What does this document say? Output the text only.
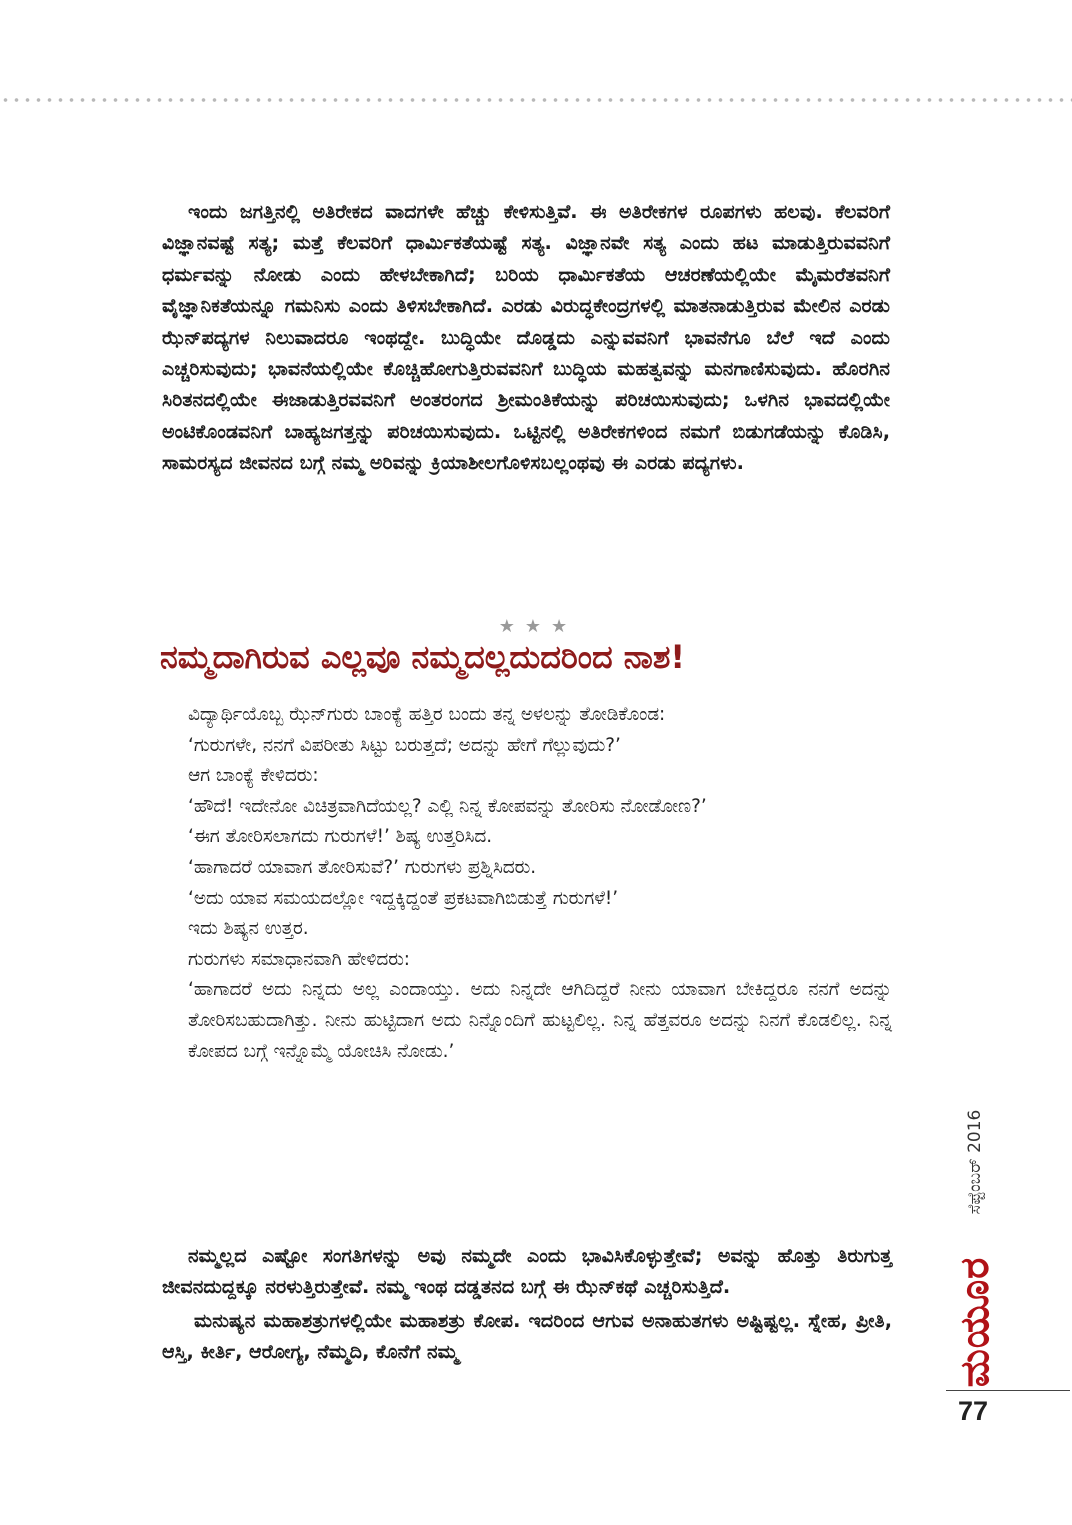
ಇಂದು ಜಗತ್ತಿನಲ್ಲಿ ಅತಿರೇಕದ ವಾದಗಳೇ ಹೆಚ್ಚು ಕೇಳಿಸುತ್ತಿವೆ. ಈ ಅತಿರೇಕಗಳ ರೂಪಗಳು ಹಲವು. ಕೆಲವರಿಗೆ ವಿಜ್ಞಾನವಷ್ಟೆ ಸತ್ಯ; ಮತ್ತೆ ಕೆಲವರಿಗೆ ಧಾರ್ಮಿಕತೆಯಷ್ಟೆ ಸತ್ಯ. ವಿಜ್ಞಾನವೇ ಸತ್ಯ ಎಂದು ಹಟ ಮಾಡುತ್ತಿರುವವನಿಗೆ ಧರ್ಮವನ್ನು ನೋಡು ಎಂದು ಹೇಳಬೇಕಾಗಿದೆ; ಬರಿಯ ಧಾರ್ಮಿಕತೆಯ ಆಚರಣೆಯಲ್ಲಿಯೇ ಮೈಮರೆತವನಿಗೆ ವೈಜ್ಞಾನಿಕತೆಯನ್ನೂ ಗಮನಿಸು ಎಂದು ತಿಳಿಸಬೇಕಾಗಿದೆ. ಎರಡು ವಿರುದ್ಧಕೇಂದ್ರಗಳಲ್ಲಿ ಮಾತನಾಡುತ್ತಿರುವ ಮೇಲಿನ ಎರಡು ಝೆನ್‌ಪದ್ಯಗಳ ನಿಲುವಾದರೂ ಇಂಥದ್ದೇ. ಬುದ್ಧಿಯೇ ದೊಡ್ಡದು ಎನ್ನುವವನಿಗೆ ಭಾವನೆಗೂ ಬೆಲೆ ಇದೆ ಎಂದು ಎಚ್ಚರಿಸುವುದು; ಭಾವನೆಯಲ್ಲಿಯೇ ಕೊಚ್ಚಿಹೋಗುತ್ತಿರುವವನಿಗೆ ಬುದ್ಧಿಯ ಮಹತ್ವವನ್ನು ಮನಗಾಣಿಸುವುದು. ಹೊರಗಿನ ಸಿರಿತನದಲ್ಲಿಯೇ ಈಜಾಡುತ್ತಿರವವನಿಗೆ ಅಂತರಂಗದ ಶ್ರೀಮಂತಿಕೆಯನ್ನು ಪರಿಚಯಿಸುವುದು; ಒಳಗಿನ ಭಾವದಲ್ಲಿಯೇ ಅಂಟಿಕೊಂಡವನಿಗೆ ಬಾಹ್ಯಜಗತ್ತನ್ನು ಪರಿಚಯಿಸುವುದು. ಒಟ್ಟಿನಲ್ಲಿ ಅತಿರೇಕಗಳಿಂದ ನಮಗೆ ಬಿಡುಗಡೆಯನ್ನು ಕೊಡಿಸಿ, ಸಾಮರಸ್ಯದ ಜೀವನದ ಬಗ್ಗೆ ನಮ್ಮ ಅರಿವನ್ನು ಕ್ರಿಯಾಶೀಲಗೊಳಿಸಬಲ್ಲಂಥವು ಈ ಎರಡು ಪದ್ಯಗಳು.

★★★
ನಮ್ಮದಾಗಿರುವ ಎಲ್ಲವೂ ನಮ್ಮದಲ್ಲದುದರಿಂದ ನಾಶ!

ವಿದ್ಯಾರ್ಥಿಯೊಬ್ಬ ಝೆನ್‌ಗುರು ಬಾಂಕ್ಯೆ ಹತ್ತಿರ ಬಂದು ತನ್ನ ಅಳಲನ್ನು ತೋಡಿಕೊಂಡ:

‘ಗುರುಗಳೇ, ನನಗೆ ವಿಪರೀತು ಸಿಟ್ಟು ಬರುತ್ತದೆ; ಅದನ್ನು ಹೇಗೆ ಗೆಲ್ಲುವುದು?’

ಆಗ ಬಾಂಕ್ಯೆ ಕೇಳಿದರು:

‘ಹೌದೆ! ಇದೇನೋ ವಿಚಿತ್ರವಾಗಿದೆಯಲ್ಲ? ಎಲ್ಲಿ ನಿನ್ನ ಕೋಪವನ್ನು ತೋರಿಸು ನೋಡೋಣ?’

‘ಈಗ ತೋರಿಸಲಾಗದು ಗುರುಗಳೆ!’ ಶಿಷ್ಯ ಉತ್ತರಿಸಿದ.

‘ಹಾಗಾದರೆ ಯಾವಾಗ ತೋರಿಸುವೆ?’ ಗುರುಗಳು ಪ್ರಶ್ನಿಸಿದರು.

‘ಅದು ಯಾವ ಸಮಯದಲ್ಲೋ ಇದ್ದಕ್ಕಿದ್ದಂತೆ ಪ್ರಕಟವಾಗಿಬಿಡುತ್ತೆ ಗುರುಗಳೆ!’

ಇದು ಶಿಷ್ಯನ ಉತ್ತರ.

ಗುರುಗಳು ಸಮಾಧಾನವಾಗಿ ಹೇಳಿದರು:

‘ಹಾಗಾದರೆ ಅದು ನಿನ್ನದು ಅಲ್ಲ ಎಂದಾಯ್ತು. ಅದು ನಿನ್ನದೇ ಆಗಿದಿದ್ದರೆ ನೀನು ಯಾವಾಗ ಬೇಕಿದ್ದರೂ ನನಗೆ ಅದನ್ನು ತೋರಿಸಬಹುದಾಗಿತ್ತು. ನೀನು ಹುಟ್ಟಿದಾಗ ಅದು ನಿನ್ನೊಂದಿಗೆ ಹುಟ್ಟಲಿಲ್ಲ. ನಿನ್ನ ಹೆತ್ತವರೂ ಅದನ್ನು ನಿನಗೆ ಕೊಡಲಿಲ್ಲ. ನಿನ್ನ ಕೋಪದ ಬಗ್ಗೆ ಇನ್ನೊಮ್ಮೆ ಯೋಚಿಸಿ ನೋಡು.’

ನಮ್ಮಲ್ಲದ ಎಷ್ಟೋ ಸಂಗತಿಗಳನ್ನು ಅವು ನಮ್ಮದೇ ಎಂದು ಭಾವಿಸಿಕೊಳ್ಳುತ್ತೇವೆ; ಅವನ್ನು ಹೊತ್ತು ತಿರುಗುತ್ತ ಜೀವನದುದ್ದಕ್ಕೂ ನರಳುತ್ತಿರುತ್ತೇವೆ. ನಮ್ಮ ಇಂಥ ದಡ್ಡತನದ ಬಗ್ಗೆ ಈ ಝೆನ್‌ಕಥೆ ಎಚ್ಚರಿಸುತ್ತಿದೆ.

ಮನುಷ್ಯನ ಮಹಾಶತ್ರುಗಳಲ್ಲಿಯೇ ಮಹಾಶತ್ರು ಕೋಪ. ಇದರಿಂದ ಆಗುವ ಅನಾಹುತಗಳು ಅಷ್ಟಿಷ್ಟಲ್ಲ. ಸ್ನೇಹ, ಪ್ರೀತಿ, ಆಸ್ತಿ, ಕೀರ್ತಿ, ಆರೋಗ್ಯ, ನೆಮ್ಮದಿ, ಕೊನೆಗೆ ನಮ್ಮ

ಸೆಪ್ಟೆಂಬರ್ 2016
ಮಯೂರ
77
